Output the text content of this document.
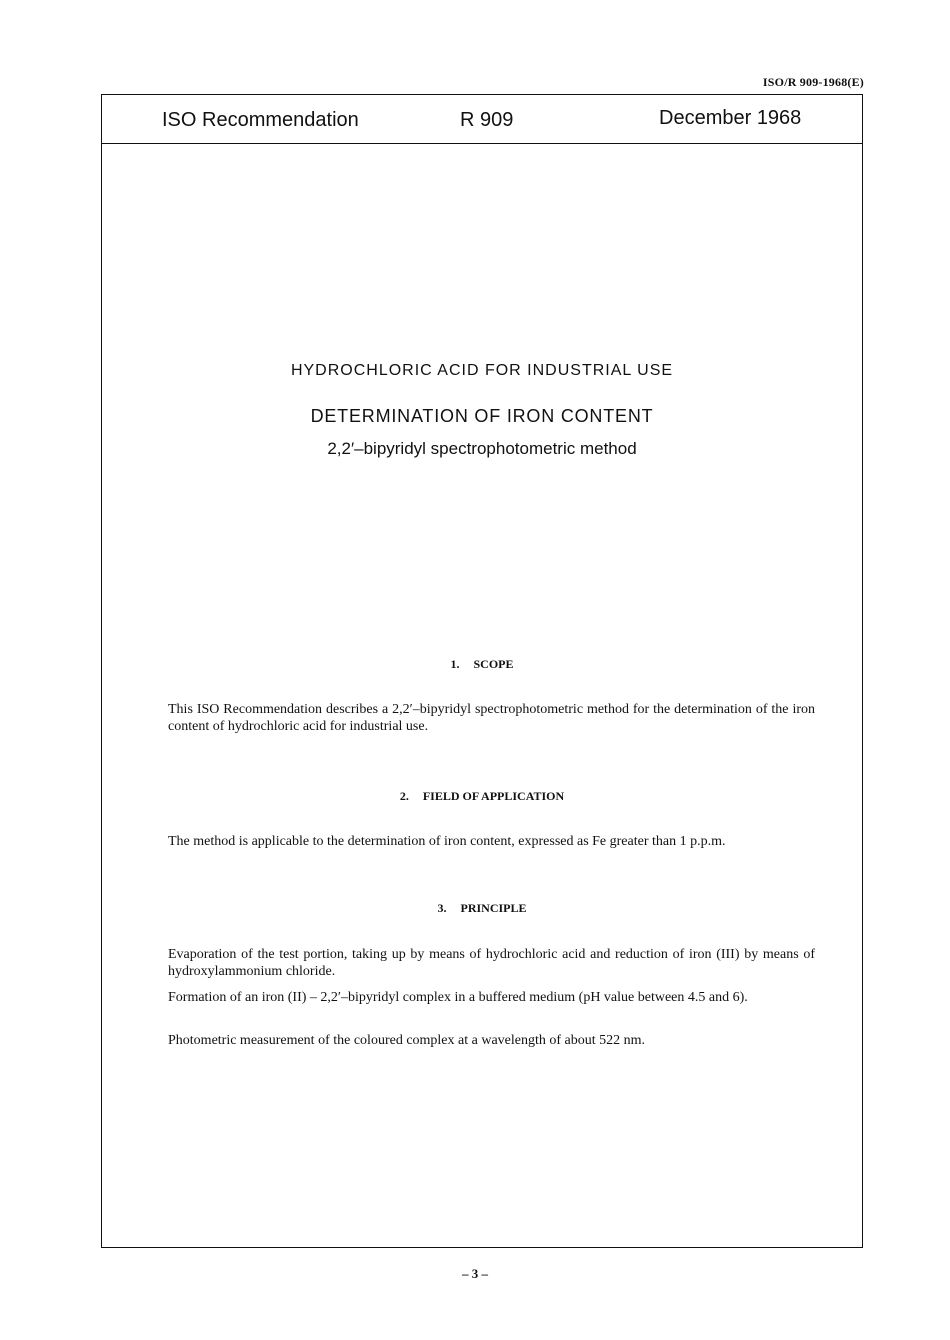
ISO/R 909-1968(E)
ISO Recommendation	R 909	December 1968
HYDROCHLORIC ACID FOR INDUSTRIAL USE
DETERMINATION OF IRON CONTENT
2,2′–bipyridyl spectrophotometric method
1. SCOPE

This ISO Recommendation describes a 2,2′–bipyridyl spectrophotometric method for the determination of the iron content of hydrochloric acid for industrial use.

2. FIELD OF APPLICATION

The method is applicable to the determination of iron content, expressed as Fe greater than 1 p.p.m.

3. PRINCIPLE

Evaporation of the test portion, taking up by means of hydrochloric acid and reduction of iron (III) by means of hydroxylammonium chloride.

Formation of an iron (II) – 2,2′–bipyridyl complex in a buffered medium (pH value between 4.5 and 6).

Photometric measurement of the coloured complex at a wavelength of about 522 nm.

– 3 –
